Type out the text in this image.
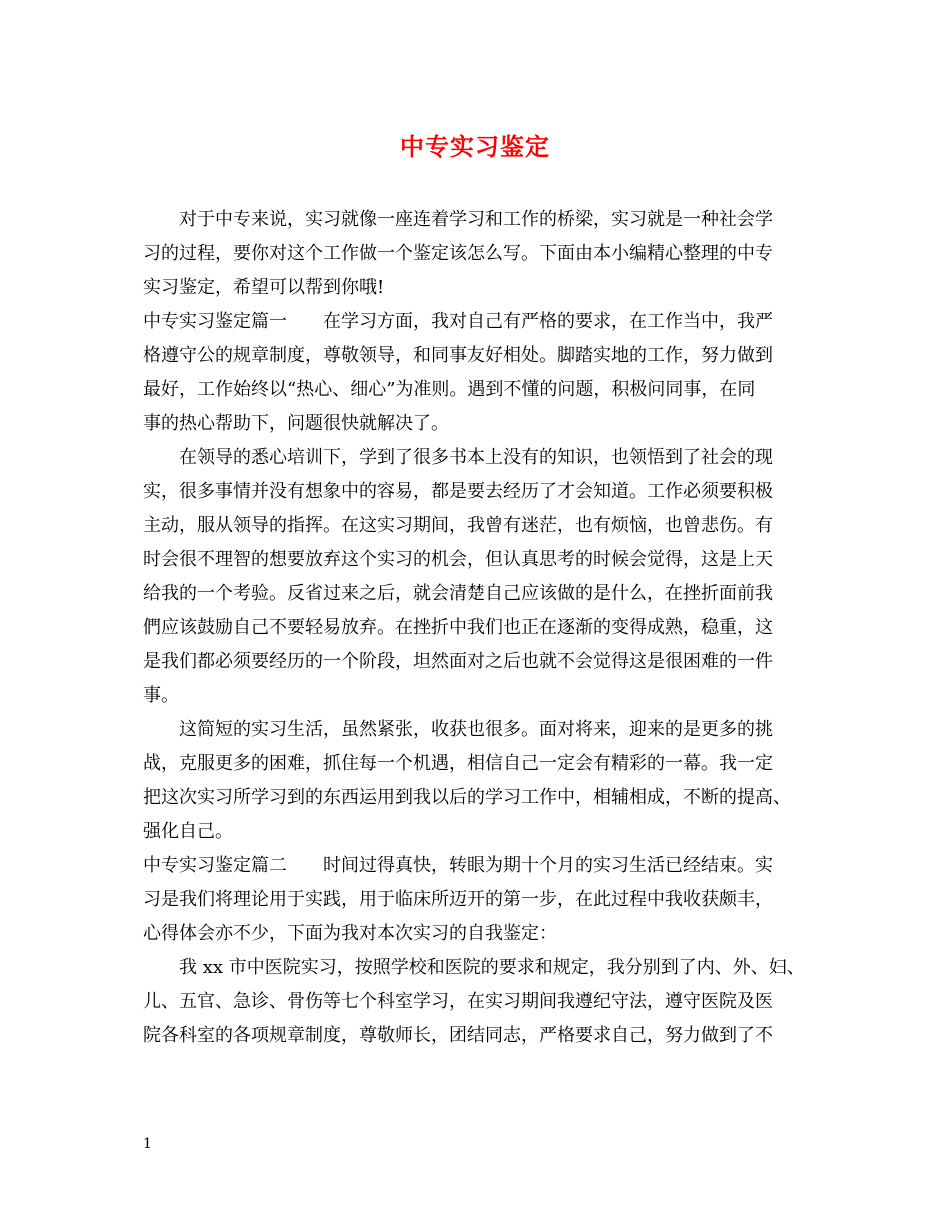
中专实习鉴定
对于中专来说，实习就像一座连着学习和工作的桥梁，实习就是一种社会学
习的过程，要你对这个工作做一个鉴定该怎么写。下面由本小编精心整理的中专
实习鉴定，希望可以帮到你哦!
中专实习鉴定篇一　　在学习方面，我对自己有严格的要求，在工作当中，我严
格遵守公的规章制度，尊敬领导，和同事友好相处。脚踏实地的工作，努力做到
最好，工作始终以“热心、细心”为准则。遇到不懂的问题，积极问同事，在同
事的热心帮助下，问题很快就解决了。
在领导的悉心培训下，学到了很多书本上没有的知识，也领悟到了社会的现
实，很多事情并没有想象中的容易，都是要去经历了才会知道。工作必须要积极
主动，服从领导的指挥。在这实习期间，我曾有迷茫，也有烦恼，也曾悲伤。有
时会很不理智的想要放弃这个实习的机会，但认真思考的时候会觉得，这是上天
给我的一个考验。反省过来之后，就会清楚自己应该做的是什么，在挫折面前我
們应该鼓励自己不要轻易放弃。在挫折中我们也正在逐渐的变得成熟，稳重，这
是我们都必须要经历的一个阶段，坦然面对之后也就不会觉得这是很困难的一件
事。
这简短的实习生活，虽然紧张，收获也很多。面对将来，迎来的是更多的挑
战，克服更多的困难，抓住每一个机遇，相信自己一定会有精彩的一幕。我一定
把这次实习所学习到的东西运用到我以后的学习工作中，相辅相成，不断的提高、
强化自己。
中专实习鉴定篇二　　时间过得真快，转眼为期十个月的实习生活已经结束。实
习是我们将理论用于实践，用于临床所迈开的第一步，在此过程中我收获颇丰，
心得体会亦不少，下面为我对本次实习的自我鉴定：
我 xx 市中医院实习，按照学校和医院的要求和规定，我分别到了内、外、妇、
儿、五官、急诊、骨伤等七个科室学习，在实习期间我遵纪守法，遵守医院及医
院各科室的各项规章制度，尊敬师长，团结同志，严格要求自己，努力做到了不
1
